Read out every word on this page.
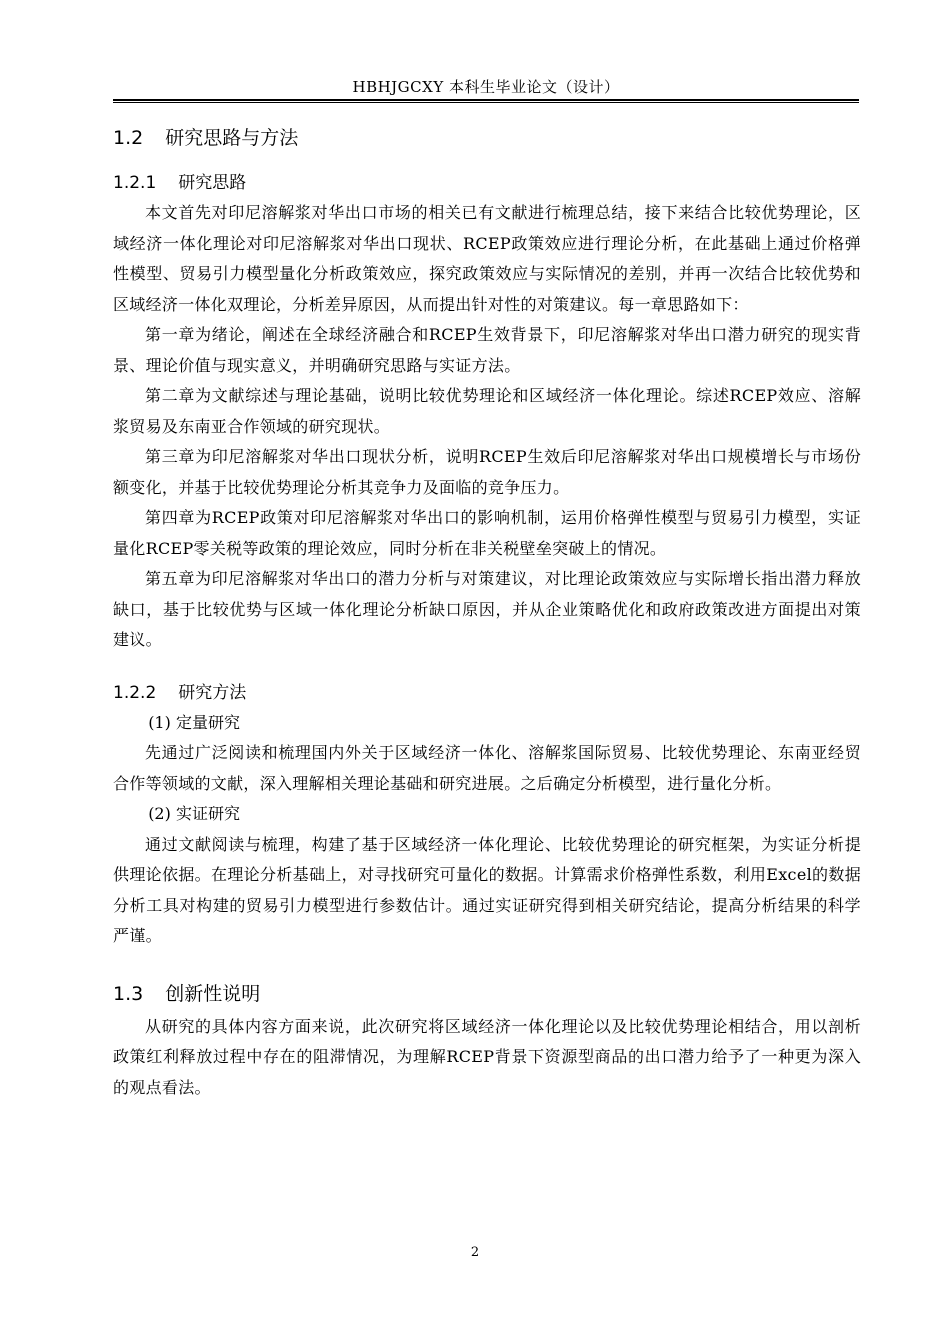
HBHJGCXY 本科生毕业论文（设计）
1.2 研究思路与方法
1.2.1 研究思路

本文首先对印尼溶解浆对华出口市场的相关已有文献进行梳理总结，接下来结合比较优势理论，区域经济一体化理论对印尼溶解浆对华出口现状、RCEP政策效应进行理论分析，在此基础上通过价格弹性模型、贸易引力模型量化分析政策效应，探究政策效应与实际情况的差别，并再一次结合比较优势和区域经济一体化双理论，分析差异原因，从而提出针对性的对策建议。每一章思路如下：

第一章为绪论，阐述在全球经济融合和RCEP生效背景下，印尼溶解浆对华出口潜力研究的现实背景、理论价值与现实意义，并明确研究思路与实证方法。

第二章为文献综述与理论基础，说明比较优势理论和区域经济一体化理论。综述RCEP效应、溶解浆贸易及东南亚合作领域的研究现状。

第三章为印尼溶解浆对华出口现状分析，说明RCEP生效后印尼溶解浆对华出口规模增长与市场份额变化，并基于比较优势理论分析其竞争力及面临的竞争压力。

第四章为RCEP政策对印尼溶解浆对华出口的影响机制，运用价格弹性模型与贸易引力模型，实证量化RCEP零关税等政策的理论效应，同时分析在非关税壁垒突破上的情况。

第五章为印尼溶解浆对华出口的潜力分析与对策建议，对比理论政策效应与实际增长指出潜力释放缺口，基于比较优势与区域一体化理论分析缺口原因，并从企业策略优化和政府政策改进方面提出对策建议。

1.2.2 研究方法

(1) 定量研究

先通过广泛阅读和梳理国内外关于区域经济一体化、溶解浆国际贸易、比较优势理论、东南亚经贸合作等领域的文献，深入理解相关理论基础和研究进展。之后确定分析模型，进行量化分析。

(2) 实证研究

通过文献阅读与梳理，构建了基于区域经济一体化理论、比较优势理论的研究框架，为实证分析提供理论依据。在理论分析基础上，对寻找研究可量化的数据。计算需求价格弹性系数，利用Excel的数据分析工具对构建的贸易引力模型进行参数估计。通过实证研究得到相关研究结论，提高分析结果的科学严谨。

1.3 创新性说明

从研究的具体内容方面来说，此次研究将区域经济一体化理论以及比较优势理论相结合，用以剖析政策红利释放过程中存在的阻滞情况，为理解RCEP背景下资源型商品的出口潜力给予了一种更为深入的观点看法。

2
